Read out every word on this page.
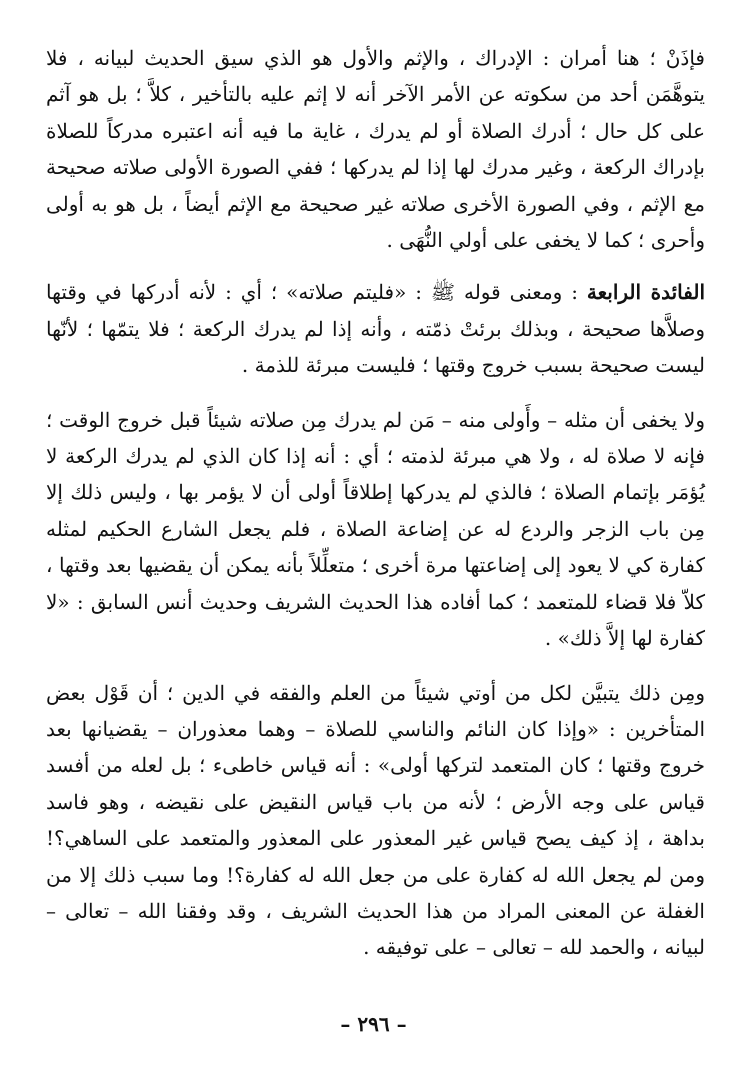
فإذَنْ ؛ هنا أمران : الإدراك ، والإثم والأول هو الذي سيق الحديث لبيانه ، فلا يتوهَّمَن أحد من سكوته عن الأمر الآخر أنه لا إثم عليه بالتأخير ، كلاَّ ؛ بل هو آثم على كل حال ؛ أدرك الصلاة أو لم يدرك ، غاية ما فيه أنه اعتبره مدركاً للصلاة بإدراك الركعة ، وغير مدرك لها إذا لم يدركها ؛ ففي الصورة الأولى صلاته صحيحة مع الإثم ، وفي الصورة الأخرى صلاته غير صحيحة مع الإثم أيضاً ، بل هو به أولى وأحرى ؛ كما لا يخفى على أولي النُّهَى .

الفائدة الرابعة : ومعنى قوله ﷺ : «فليتم صلاته» ؛ أي : لأنه أدركها في وقتها وصلاَّها صحيحة ، وبذلك برئتْ ذمّته ، وأنه إذا لم يدرك الركعة ؛ فلا يتمّها ؛ لأنّها ليست صحيحة بسبب خروج وقتها ؛ فليست مبرئة للذمة .

ولا يخفى أن مثله – وأَولى منه – مَن لم يدرك مِن صلاته شيئاً قبل خروج الوقت ؛ فإنه لا صلاة له ، ولا هي مبرئة لذمته ؛ أي : أنه إذا كان الذي لم يدرك الركعة لا يُؤمَر بإتمام الصلاة ؛ فالذي لم يدركها إطلاقاً أولى أن لا يؤمر بها ، وليس ذلك إلا مِن باب الزجر والردع له عن إضاعة الصلاة ، فلم يجعل الشارع الحكيم لمثله كفارة كي لا يعود إلى إضاعتها مرة أخرى ؛ متعلِّلاً بأنه يمكن أن يقضيها بعد وقتها ، كلاّ فلا قضاء للمتعمد ؛ كما أفاده هذا الحديث الشريف وحديث أنس السابق : «لا كفارة لها إلاَّ ذلك» .

ومِن ذلك يتبيَّن لكل من أوتي شيئاً من العلم والفقه في الدين ؛ أن قَوْل بعض المتأخرين : «وإذا كان النائم والناسي للصلاة – وهما معذوران – يقضيانها بعد خروج وقتها ؛ كان المتعمد لتركها أولى» : أنه قياس خاطىء ؛ بل لعله من أفسد قياس على وجه الأرض ؛ لأنه من باب قياس النقيض على نقيضه ، وهو فاسد بداهة ، إذ كيف يصح قياس غير المعذور على المعذور والمتعمد على الساهي؟! ومن لم يجعل الله له كفارة على من جعل الله له كفارة؟! وما سبب ذلك إلا من الغفلة عن المعنى المراد من هذا الحديث الشريف ، وقد وفقنا الله – تعالى – لبيانه ، والحمد لله – تعالى – على توفيقه .

– ٢٩٦ –
